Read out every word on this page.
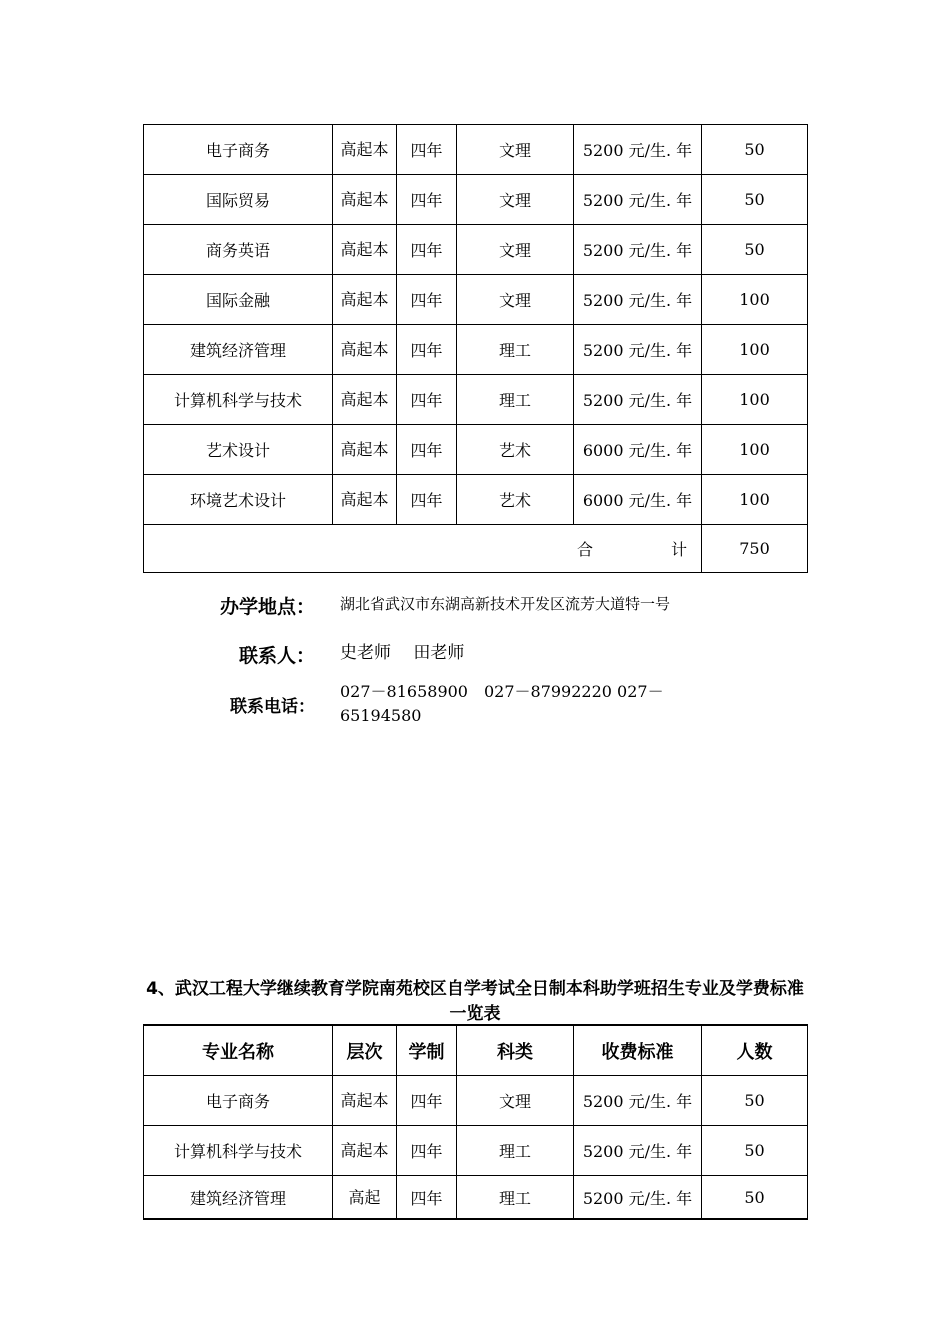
电子商务	高起本	四年	文理	5200 元/生. 年	50
国际贸易	高起本	四年	文理	5200 元/生. 年	50
商务英语	高起本	四年	文理	5200 元/生. 年	50
国际金融	高起本	四年	文理	5200 元/生. 年	100
建筑经济管理	高起本	四年	理工	5200 元/生. 年	100
计算机科学与技术	高起本	四年	理工	5200 元/生. 年	100
艺术设计	高起本	四年	艺术	6000 元/生. 年	100
环境艺术设计	高起本	四年	艺术	6000 元/生. 年	100
合计					750
办学地点： 湖北省武汉市东湖高新技术开发区流芳大道特一号
联系人： 史老师　 田老师
联系电话：
027－81658900　027－87992220 027－65194580
4、武汉工程大学继续教育学院南苑校区自学考试全日制本科助学班招生专业及学费标准一览表
专业名称	层次	学制	科类	收费标准	人数
电子商务	高起本	四年	文理	5200 元/生. 年	50
计算机科学与技术	高起本	四年	理工	5200 元/生. 年	50
建筑经济管理	高起	四年	理工	5200 元/生. 年	50
